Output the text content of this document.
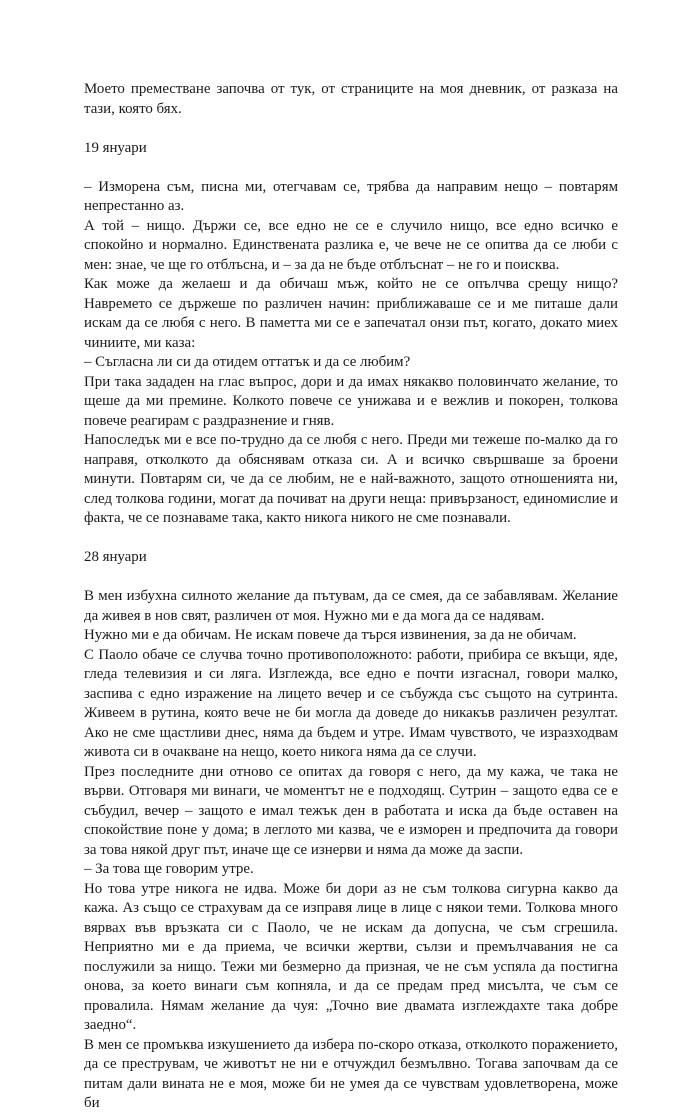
Моето преместване започва от тук, от страниците на моя дневник, от разказа на тази, която бях.

19 януари

– Изморена съм, писна ми, отегчавам се, трябва да направим нещо – повтарям непрестанно аз.

А той – нищо. Държи се, все едно не се е случило нищо, все едно всичко е спокойно и нормално. Единствената разлика е, че вече не се опитва да се люби с мен: знае, че ще го отблъсна, и – за да не бъде отблъснат – не го и поисква.

Как може да желаеш и да обичаш мъж, който не се опълчва срещу нищо? Навремето се държеше по различен начин: приближаваше се и ме питаше дали искам да се любя с него. В паметта ми се е запечатал онзи път, когато, докато миех чиниите, ми каза:

– Съгласна ли си да отидем оттатък и да се любим?

При така зададен на глас въпрос, дори и да имах някакво половинчато желание, то щеше да ми премине. Колкото повече се унижава и е вежлив и покорен, толкова повече реагирам с раздразнение и гняв.

Напоследък ми е все по-трудно да се любя с него. Преди ми тежеше по-малко да го направя, отколкото да обяснявам отказа си. А и всичко свършваше за броени минути. Повтарям си, че да се любим, не е най-важното, защото отношенията ни, след толкова години, могат да почиват на други неща: привързаност, единомислие и факта, че се познаваме така, както никога никого не сме познавали.

28 януари

В мен избухна силното желание да пътувам, да се смея, да се забавлявам. Желание да живея в нов свят, различен от моя. Нужно ми е да мога да се надявам.

Нужно ми е да обичам. Не искам повече да търся извинения, за да не обичам.

С Паоло обаче се случва точно противоположното: работи, прибира се вкъщи, яде, гледа телевизия и си ляга. Изглежда, все едно е почти изгаснал, говори малко, заспива с едно изражение на лицето вечер и се събужда със същото на сутринта. Живеем в рутина, която вече не би могла да доведе до никакъв различен резултат. Ако не сме щастливи днес, няма да бъдем и утре. Имам чувството, че изразходвам живота си в очакване на нещо, което никога няма да се случи.

През последните дни отново се опитах да говоря с него, да му кажа, че така не върви. Отговаря ми винаги, че моментът не е подходящ. Сутрин – защото едва се е събудил, вечер – защото е имал тежък ден в работата и иска да бъде оставен на спокойствие поне у дома; в леглото ми казва, че е изморен и предпочита да говори за това някой друг път, иначе ще се изнерви и няма да може да заспи.

– За това ще говорим утре.

Но това утре никога не идва. Може би дори аз не съм толкова сигурна какво да кажа. Аз също се страхувам да се изправя лице в лице с някои теми. Толкова много вярвах във връзката си с Паоло, че не искам да допусна, че съм сгрешила. Неприятно ми е да приема, че всички жертви, сълзи и премълчавания не са послужили за нищо. Тежи ми безмерно да призная, че не съм успяла да постигна онова, за което винаги съм копняла, и да се предам пред мисълта, че съм се провалила. Нямам желание да чуя: „Точно вие двамата изглеждахте така добре заедно“.

В мен се промъква изкушението да избера по-скоро отказа, отколкото поражението, да се преструвам, че животът не ни е отчуждил безмълвно. Тогава започвам да се питам дали вината не е моя, може би не умея да се чувствам удовлетворена, може би
